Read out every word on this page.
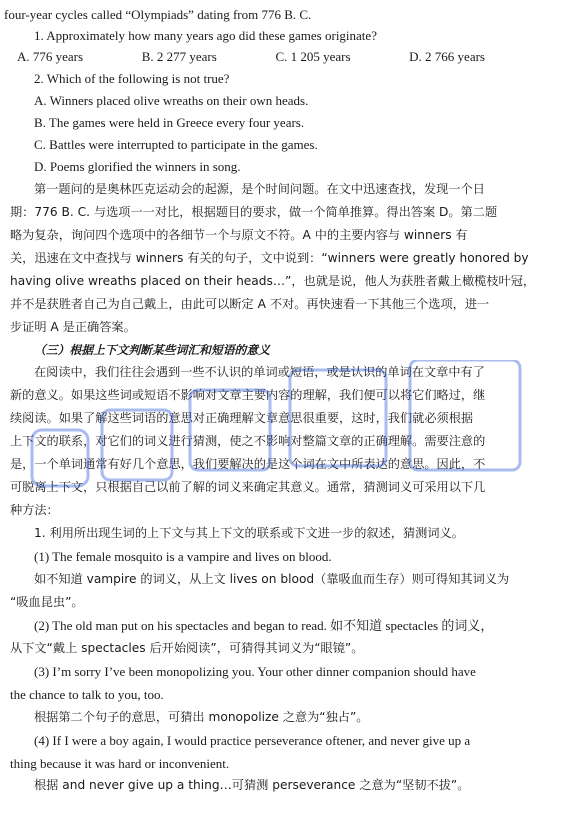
four-year cycles called “Olympiads” dating from 776 B. C.
1. Approximately how many years ago did these games originate?
A. 776 years	B. 2 277 years	C. 1 205 years	D. 2 766 years
2. Which of the following is not true?
A. Winners placed olive wreaths on their own heads.
B. The games were held in Greece every four years.
C. Battles were interrupted to participate in the games.
D. Poems glorified the winners in song.
第一题问的是奥林匹克运动会的起源，是个时间问题。在文中迅速查找，发现一个日
期：776 B. C. 与选项一一对比，根据题目的要求，做一个简单推算。得出答案 D。第二题
略为复杂，询问四个选项中的各细节一个与原文不符。A 中的主要内容与 winners 有
关，迅速在文中查找与 winners 有关的句子，文中说到：“winners were greatly honored by
having olive wreaths placed on their heads…”，也就是说，他人为获胜者戴上橄榄枝叶冠，
并不是获胜者自己为自己戴上，由此可以断定 A 不对。再快速看一下其他三个选项，进一
步证明 A 是正确答案。
（三）根据上下文判断某些词汇和短语的意义
在阅读中，我们往往会遇到一些不认识的单词或短语，或是认识的单词在文章中有了
新的意义。如果这些词或短语不影响对文章主要内容的理解，我们便可以将它们略过，继
续阅读。如果了解这些词语的意思对正确理解文章意思很重要，这时，我们就必须根据
上下文的联系，对它们的词义进行猜测，使之不影响对整篇文章的正确理解。需要注意的
是，一个单词通常有好几个意思，我们要解决的是这个词在文中所表达的意思。因此，不
可脱离上下文，只根据自己以前了解的词义来确定其意义。通常，猜测词义可采用以下几
种方法：
1. 利用所出现生词的上下文与其上下文的联系或下文进一步的叙述，猜测词义。
(1) The female mosquito is a vampire and lives on blood.
如不知道 vampire 的词义，从上文 lives on blood（靠吸血而生存）则可得知其词义为
“吸血昆虫”。
(2) The old man put on his spectacles and began to read. 如不知道 spectacles 的词义，
从下文“戴上 spectacles 后开始阅读”，可猜得其词义为“眼镜”。
(3) I’m sorry I’ve been monopolizing you. Your other dinner companion should have
the chance to talk to you, too.
根据第二个句子的意思，可猜出 monopolize 之意为“独占”。
(4) If I were a boy again, I would practice perseverance oftener, and never give up a
thing because it was hard or inconvenient.
根据 and never give up a thing…可猜测 perseverance 之意为“坚韧不拔”。
